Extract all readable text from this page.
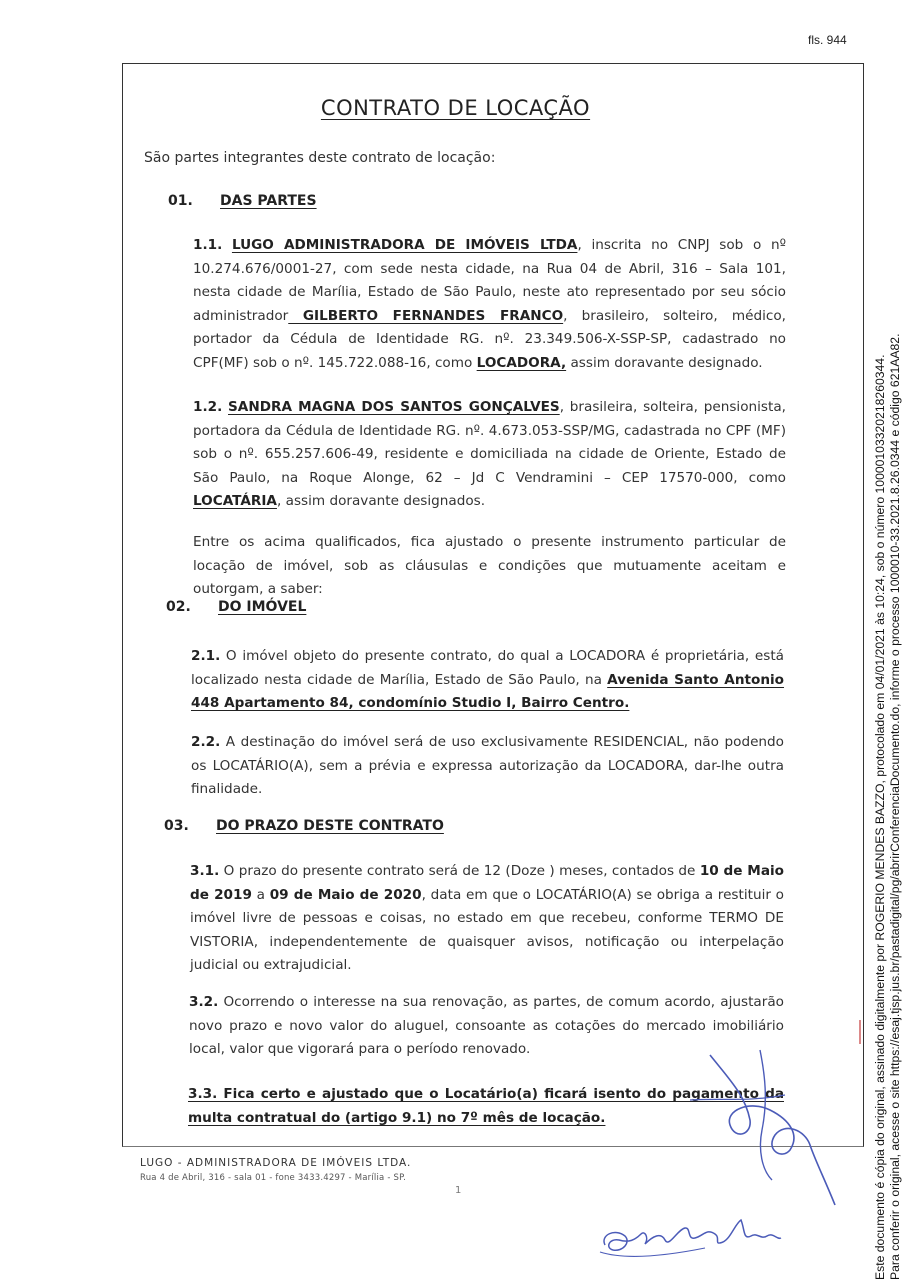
fls. 944
CONTRATO DE LOCAÇÃO
São partes integrantes deste contrato de locação:
01. DAS PARTES
1.1. LUGO ADMINISTRADORA DE IMÓVEIS LTDA, inscrita no CNPJ sob o nº 10.274.676/0001-27, com sede nesta cidade, na Rua 04 de Abril, 316 – Sala 101, nesta cidade de Marília, Estado de São Paulo, neste ato representado por seu sócio administrador GILBERTO FERNANDES FRANCO, brasileiro, solteiro, médico, portador da Cédula de Identidade RG. nº. 23.349.506-X-SSP-SP, cadastrado no CPF(MF) sob o nº. 145.722.088-16, como LOCADORA, assim doravante designado.
1.2. SANDRA MAGNA DOS SANTOS GONÇALVES, brasileira, solteira, pensionista, portadora da Cédula de Identidade RG. nº. 4.673.053-SSP/MG, cadastrada no CPF (MF) sob o nº. 655.257.606-49, residente e domiciliada na cidade de Oriente, Estado de São Paulo, na Roque Alonge, 62 – Jd C Vendramini – CEP 17570-000, como LOCATÁRIA, assim doravante designados.
Entre os acima qualificados, fica ajustado o presente instrumento particular de locação de imóvel, sob as cláusulas e condições que mutuamente aceitam e outorgam, a saber:
02. DO IMÓVEL
2.1. O imóvel objeto do presente contrato, do qual a LOCADORA é proprietária, está localizado nesta cidade de Marília, Estado de São Paulo, na Avenida Santo Antonio 448 Apartamento 84, condomínio Studio I, Bairro Centro.
2.2. A destinação do imóvel será de uso exclusivamente RESIDENCIAL, não podendo os LOCATÁRIO(A), sem a prévia e expressa autorização da LOCADORA, dar-lhe outra finalidade.
03. DO PRAZO DESTE CONTRATO
3.1. O prazo do presente contrato será de 12 (Doze ) meses, contados de 10 de Maio de 2019 a 09 de Maio de 2020, data em que o LOCATÁRIO(A) se obriga a restituir o imóvel livre de pessoas e coisas, no estado em que recebeu, conforme TERMO DE VISTORIA, independentemente de quaisquer avisos, notificação ou interpelação judicial ou extrajudicial.
3.2. Ocorrendo o interesse na sua renovação, as partes, de comum acordo, ajustarão novo prazo e novo valor do aluguel, consoante as cotações do mercado imobiliário local, valor que vigorará para o período renovado.
3.3. Fica certo e ajustado que o Locatário(a) ficará isento do pagamento da multa contratual do (artigo 9.1) no 7º mês de locação.
LUGO - ADMINISTRADORA DE IMÓVEIS LTDA.
Rua 4 de Abril, 316 - sala 01 - fone 3433.4297 - Marília - SP.
1	Este documento é cópia do original, assinado digitalmente por ROGERIO MENDES BAZZO, protocolado em 04/01/2021 às 10:24, sob o número 10000103320218260344. Para conferir o original, acesse o site https://esaj.tjsp.jus.br/pastadigital/pg/abrirConferenciaDocumento.do, informe o processo 1000010-33.2021.8.26.0344 e código 621AA82.
